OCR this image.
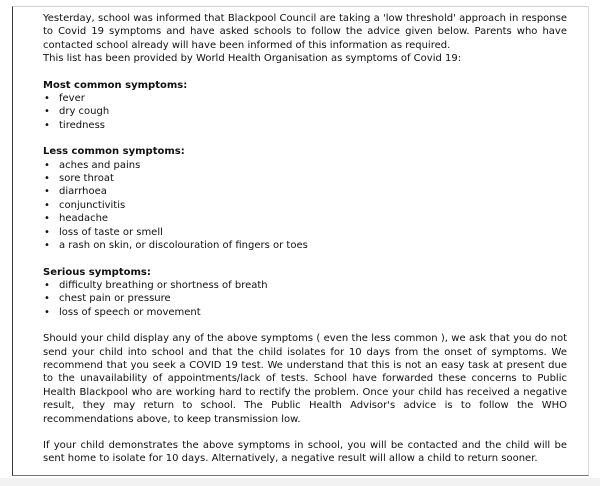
Yesterday, school was informed that Blackpool Council are taking a 'low threshold' approach in response to Covid 19 symptoms and have asked schools to follow the advice given below. Parents who have contacted school already will have been informed of this information as required.

This list has been provided by World Health Organisation as symptoms of Covid 19:

Most common symptoms:

• fever
• dry cough
• tiredness

Less common symptoms:

• aches and pains
• sore throat
• diarrhoea
• conjunctivitis
• headache
• loss of taste or smell
• a rash on skin, or discolouration of fingers or toes

Serious symptoms:

• difficulty breathing or shortness of breath
• chest pain or pressure
• loss of speech or movement

Should your child display any of the above symptoms ( even the less common ), we ask that you do not send your child into school and that the child isolates for 10 days from the onset of symptoms. We recommend that you seek a COVID 19 test. We understand that this is not an easy task at present due to the unavailability of appointments/lack of tests. School have forwarded these concerns to Public Health Blackpool who are working hard to rectify the problem. Once your child has received a negative result, they may return to school. The Public Health Advisor's advice is to follow the WHO recommendations above, to keep transmission low.

If your child demonstrates the above symptoms in school, you will be contacted and the child will be sent home to isolate for 10 days. Alternatively, a negative result will allow a child to return sooner.
